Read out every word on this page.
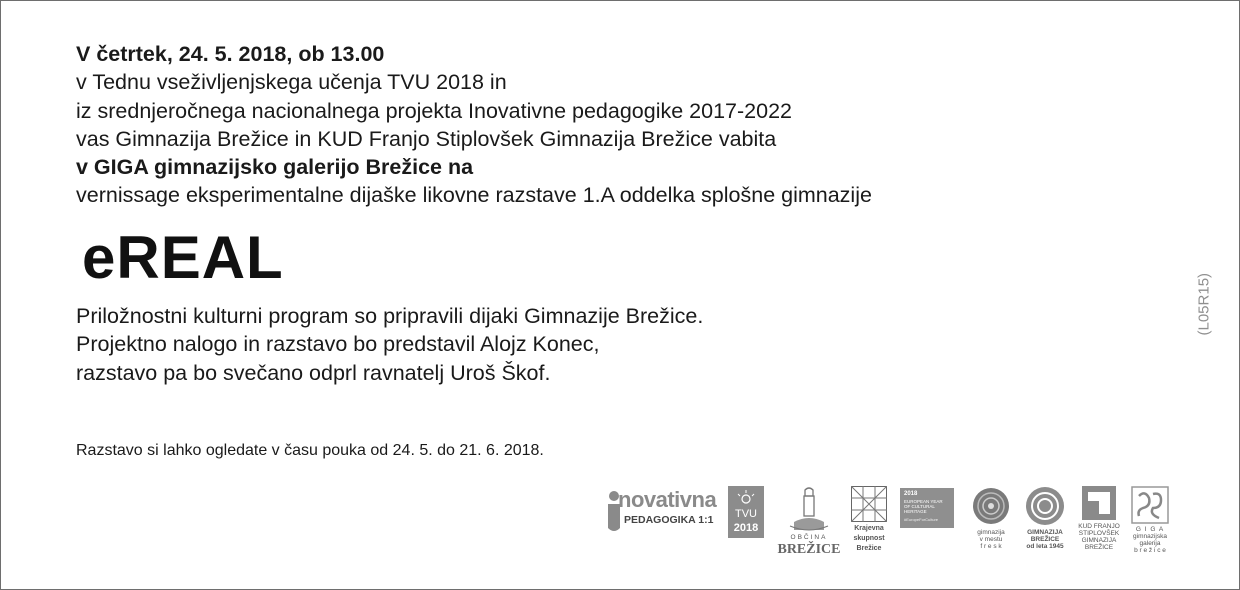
V četrtek, 24. 5. 2018, ob 13.00
v Tednu vseživljenjskega učenja TVU 2018 in
iz srednjeročnega nacionalnega projekta Inovativne pedagogike 2017-2022
vas Gimnazija Brežice in KUD Franjo Stiplovšek Gimnazija Brežice vabita
v GIGA gimnazijsko galerijo Brežice na
vernissage eksperimentalne dijaške likovne razstave 1.A oddelka splošne gimnazije
eREAL
Priložnostni kulturni program so pripravili dijaki Gimnazije Brežice.
Projektno nalogo in razstavo bo predstavil Alojz Konec,
razstavo pa bo svečano odprl ravnatelj Uroš Škof.
Razstavo si lahko ogledate v času pouka od 24. 5. do 21. 6. 2018.
(L05R15)
novativna
PEDAGOGIKA 1:1	TVU
2018
OBČINA
BREŽICE
Krajevna
skupnost
Brežice
2018
EUROPEAN YEAR
OF CULTURAL
HERITAGE
#EuropeForCulture
gimnazija
v mestu
f r e s k
GIMNAZIJA
BREŽICE
od leta 1945
KUD FRANJO
STIPLOVŠEK
GIMNAZIJA
BREŽICE
G I G A
gimnazijska
galerija
b r e ž i c e
